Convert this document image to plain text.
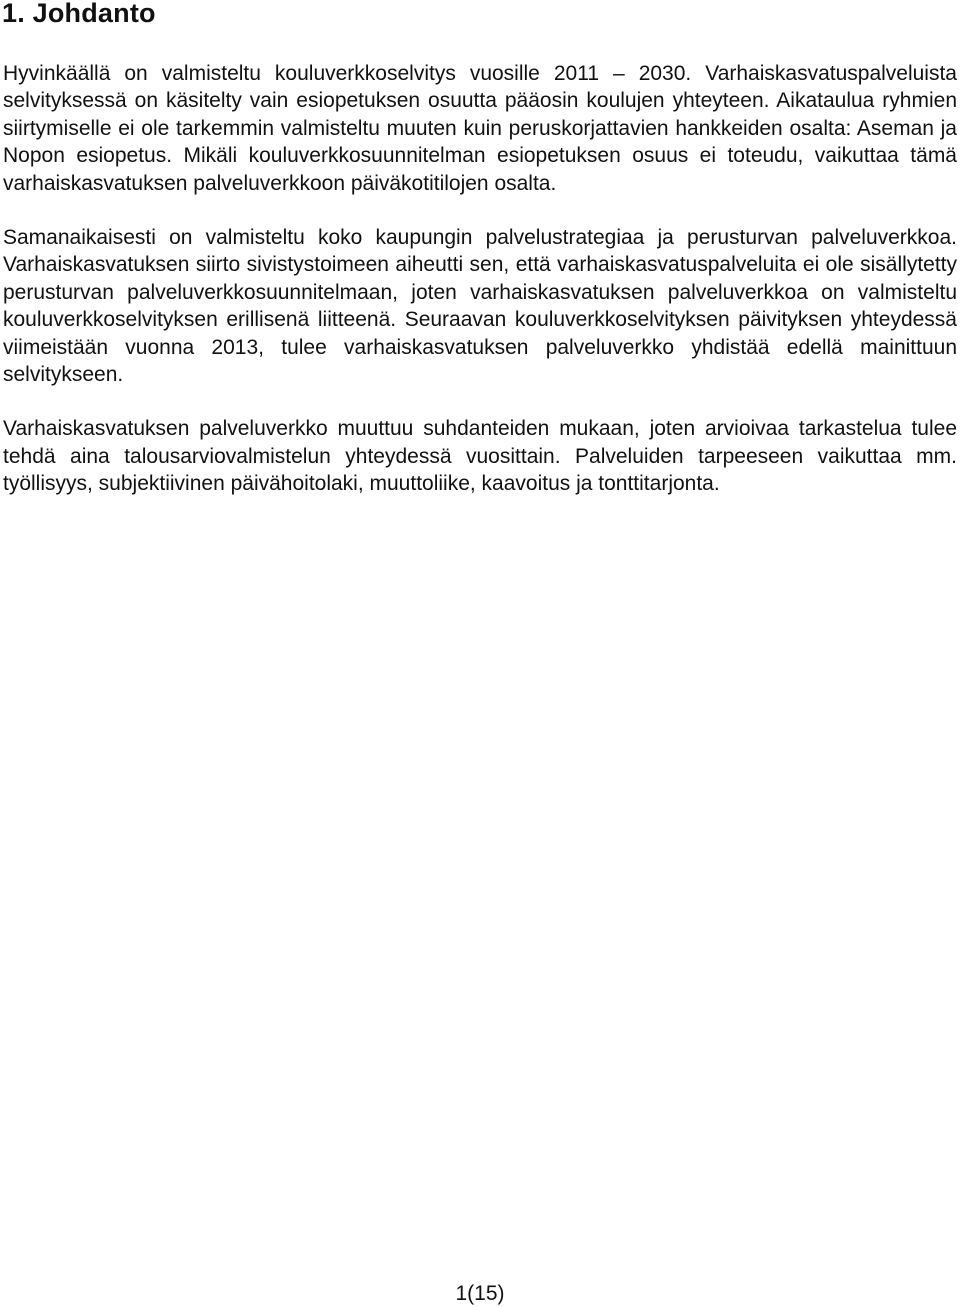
1. Johdanto

Hyvinkäällä on valmisteltu kouluverkkoselvitys vuosille 2011 – 2030. Varhaiskasvatuspalveluista selvityksessä on käsitelty vain esiopetuksen osuutta pääosin koulujen yhteyteen. Aikataulua ryhmien siirtymiselle ei ole tarkemmin valmisteltu muuten kuin peruskorjattavien hankkeiden osalta: Aseman ja Nopon esiopetus. Mikäli kouluverkkosuunnitelman esiopetuksen osuus ei toteudu, vaikuttaa tämä varhaiskasvatuksen palveluverkkoon päiväkotitilojen osalta.

Samanaikaisesti on valmisteltu koko kaupungin palvelustrategiaa ja perusturvan palveluverkkoa. Varhaiskasvatuksen siirto sivistystoimeen aiheutti sen, että varhaiskasvatuspalveluita ei ole sisällytetty perusturvan palveluverkkosuunnitelmaan, joten varhaiskasvatuksen palveluverkkoa on valmisteltu kouluverkkoselvityksen erillisenä liitteenä. Seuraavan kouluverkkoselvityksen päivityksen yhteydessä viimeistään vuonna 2013, tulee varhaiskasvatuksen palveluverkko yhdistää edellä mainittuun selvitykseen.

Varhaiskasvatuksen palveluverkko muuttuu suhdanteiden mukaan, joten arvioivaa tarkastelua tulee tehdä aina talousarviovalmistelun yhteydessä vuosittain. Palveluiden tarpeeseen vaikuttaa mm. työllisyys, subjektiivinen päivähoitolaki, muuttoliike, kaavoitus ja tonttitarjonta.

1(15)
